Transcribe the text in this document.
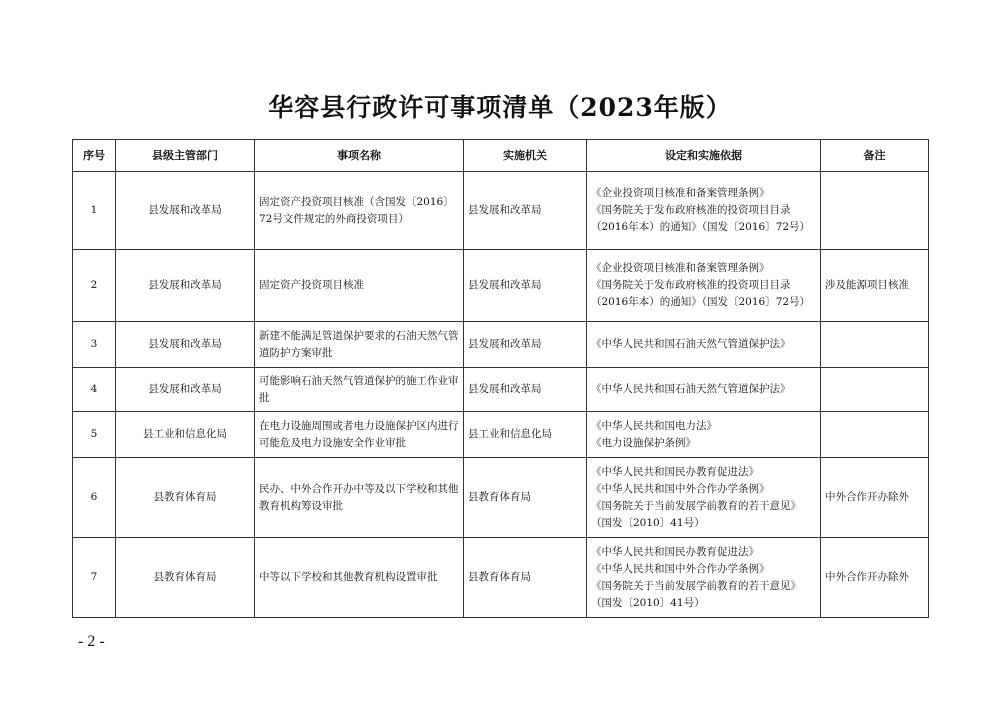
华容县行政许可事项清单（2023年版）
序号	县级主管部门	事项名称	实施机关	设定和实施依据	备注
1	县发展和改革局	固定资产投资项目核准（含国发〔2016〕72号文件规定的外商投资项目）	县发展和改革局	《企业投资项目核准和备案管理条例》
《国务院关于发布政府核准的投资项目目录（2016年本）的通知》（国发〔2016〕72号）	

2	县发展和改革局	固定资产投资项目核准	县发展和改革局	《企业投资项目核准和备案管理条例》
《国务院关于发布政府核准的投资项目目录（2016年本）的通知》（国发〔2016〕72号）	涉及能源项目核准
3	县发展和改革局	新建不能满足管道保护要求的石油天然气管道防护方案审批	县发展和改革局	《中华人民共和国石油天然气管道保护法》	

4	县发展和改革局	可能影响石油天然气管道保护的施工作业审批	县发展和改革局	《中华人民共和国石油天然气管道保护法》	

5	县工业和信息化局	在电力设施周围或者电力设施保护区内进行可能危及电力设施安全作业审批	县工业和信息化局	《中华人民共和国电力法》
《电力设施保护条例》	

6	县教育体育局	民办、中外合作开办中等及以下学校和其他教育机构筹设审批	县教育体育局	《中华人民共和国民办教育促进法》
《中华人民共和国中外合作办学条例》
《国务院关于当前发展学前教育的若干意见》（国发〔2010〕41号）	中外合作开办除外
7	县教育体育局	中等以下学校和其他教育机构设置审批	县教育体育局	《中华人民共和国民办教育促进法》
《中华人民共和国中外合作办学条例》
《国务院关于当前发展学前教育的若干意见》（国发〔2010〕41号）	中外合作开办除外
- 2 -
